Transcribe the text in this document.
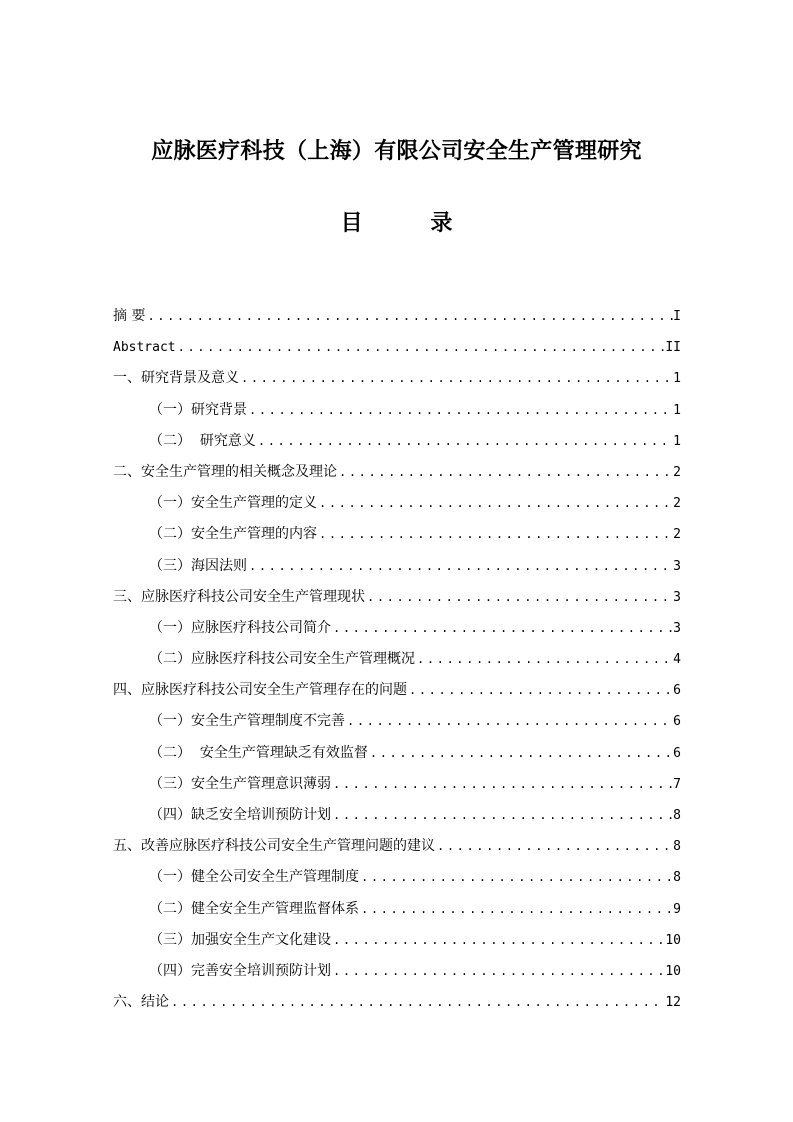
应脉医疗科技（上海）有限公司安全生产管理研究
目 录
摘 要 .....	I
Abstract .....	II
一、研究背景及意义 .....	1
（一）研究背景 .....	1
（二）  研究意义 .....	1
二、安全生产管理的相关概念及理论 .....	2
（一）安全生产管理的定义 .....	2
（二）安全生产管理的内容 .....	2
（三）海因法则 .....	3
三、应脉医疗科技公司安全生产管理现状 .....	3
（一）应脉医疗科技公司简介 .....	3
（二）应脉医疗科技公司安全生产管理概况 .....	4
四、应脉医疗科技公司安全生产管理存在的问题 .....	6
（一）安全生产管理制度不完善 .....	6
（二）  安全生产管理缺乏有效监督 .....	6
（三）安全生产管理意识薄弱 .....	7
（四）缺乏安全培训预防计划 .....	8
五、改善应脉医疗科技公司安全生产管理问题的建议 .....	8
（一）健全公司安全生产管理制度 .....	8
（二）健全安全生产管理监督体系 .....	9
（三）加强安全生产文化建设 .....	10
（四）完善安全培训预防计划 .....	10
六、结论 .....	12
